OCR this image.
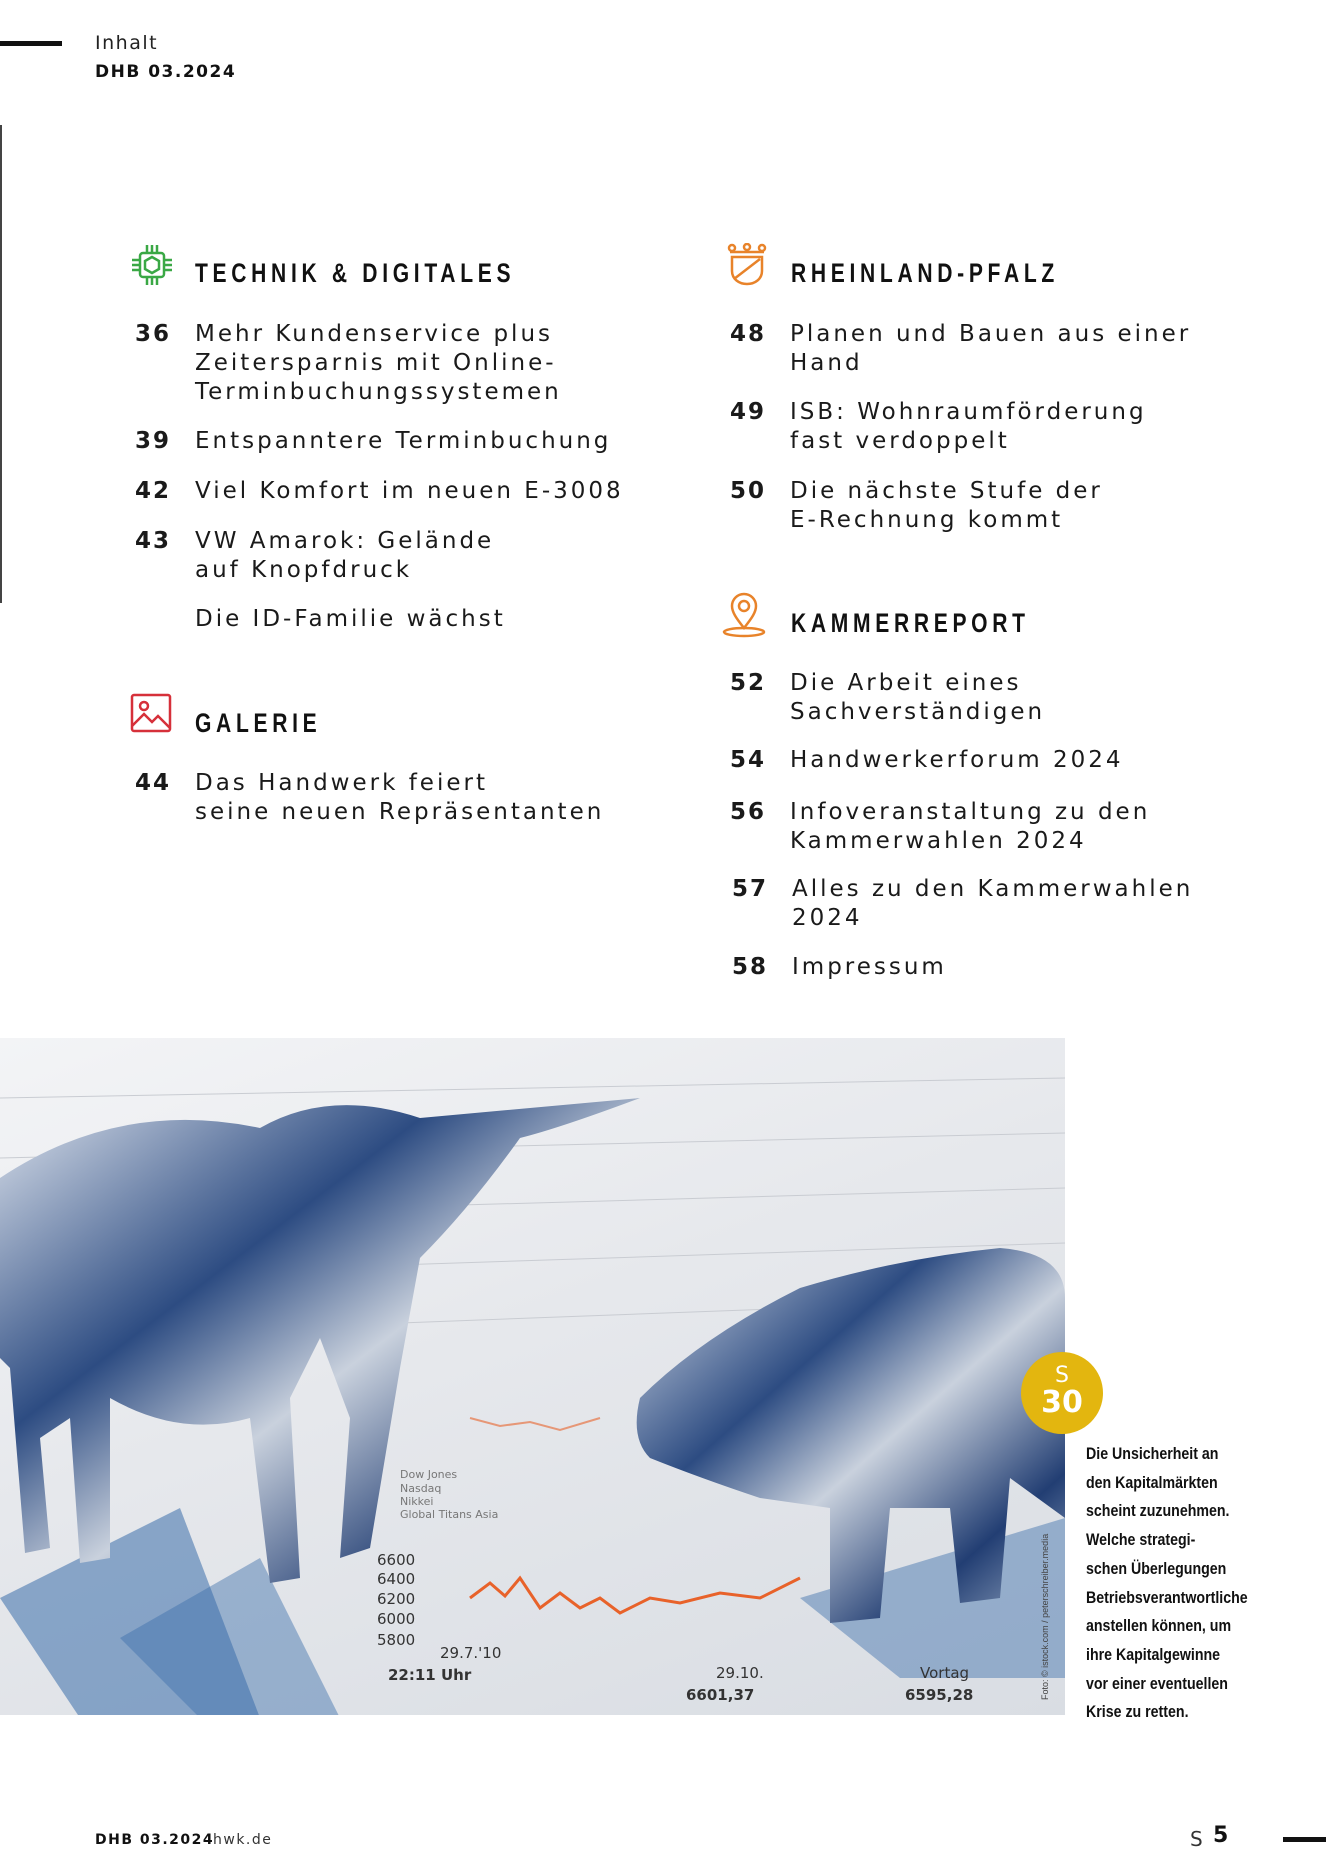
Inhalt
DHB 03.2024
TECHNIK & DIGITALES
36	Mehr Kundenservice plus
Zeitersparnis mit Online-
Terminbuchungssystemen
39	Entspanntere Terminbuchung
42	Viel Komfort im neuen E-3008
43	VW Amarok: Gelände
auf Knopfdruck
Die ID-Familie wächst
GALERIE
44	Das Handwerk feiert
seine neuen Repräsentanten
RHEINLAND-PFALZ
48	Planen und Bauen aus einer
Hand
49	ISB: Wohnraumförderung
fast verdoppelt
50	Die nächste Stufe der
E-Rechnung kommt
KAMMERREPORT
52	Die Arbeit eines
Sachverständigen
54	Handwerkerforum 2024
56	Infoveranstaltung zu den
Kammerwahlen 2024
57	Alles zu den Kammerwahlen
2024
58	Impressum
6600
6400
6200
6000
5800
29.7.'10
22:11 Uhr	29.10.
6601,37
Vortag
6595,28
Dow Jones
Nasdaq
Nikkei
Global Titans Asia
Foto: © istock.com / peterschreiber.media
S
30
Die Unsicherheit an
den Kapitalmärkten
scheint zuzunehmen.
Welche strategi-
schen Überlegungen
Betriebsverantwortliche
anstellen können, um
ihre Kapitalgewinne
vor einer eventuellen
Krise zu retten.
DHB 03.2024
hwk.de	S 5
